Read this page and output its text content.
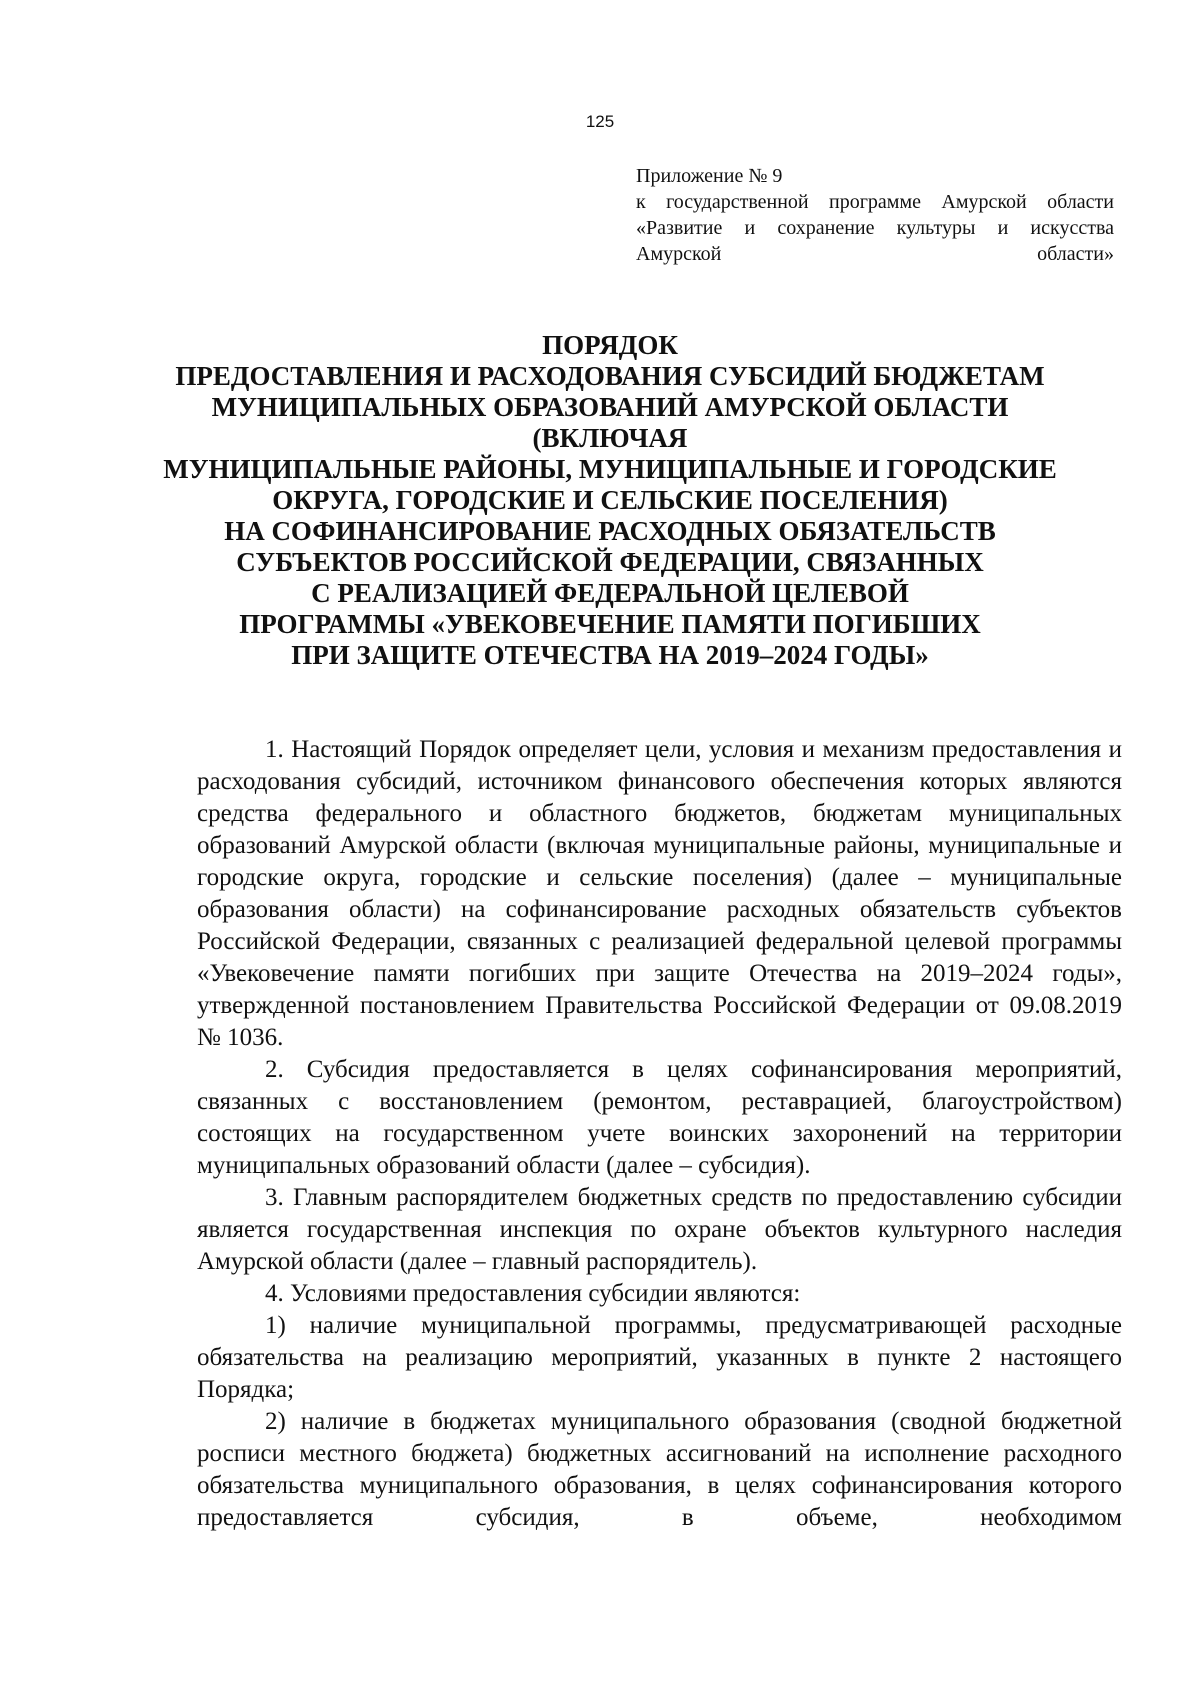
125
Приложение № 9
к государственной программе Амурской области «Развитие и сохранение культуры и искусства Амурской области»
ПОРЯДОК
ПРЕДОСТАВЛЕНИЯ И РАСХОДОВАНИЯ СУБСИДИЙ БЮДЖЕТАМ
МУНИЦИПАЛЬНЫХ ОБРАЗОВАНИЙ АМУРСКОЙ ОБЛАСТИ
(ВКЛЮЧАЯ
МУНИЦИПАЛЬНЫЕ РАЙОНЫ, МУНИЦИПАЛЬНЫЕ И ГОРОДСКИЕ
ОКРУГА, ГОРОДСКИЕ И СЕЛЬСКИЕ ПОСЕЛЕНИЯ)
НА СОФИНАНСИРОВАНИЕ РАСХОДНЫХ ОБЯЗАТЕЛЬСТВ
СУБЪЕКТОВ РОССИЙСКОЙ ФЕДЕРАЦИИ, СВЯЗАННЫХ
С РЕАЛИЗАЦИЕЙ ФЕДЕРАЛЬНОЙ ЦЕЛЕВОЙ
ПРОГРАММЫ «УВЕКОВЕЧЕНИЕ ПАМЯТИ ПОГИБШИХ
ПРИ ЗАЩИТЕ ОТЕЧЕСТВА НА 2019–2024 ГОДЫ»

1. Настоящий Порядок определяет цели, условия и механизм предоставления и расходования субсидий, источником финансового обеспечения которых являются средства федерального и областного бюджетов, бюджетам муниципальных образований Амурской области (включая муниципальные районы, муниципальные и городские округа, городские и сельские поселения) (далее – муниципальные образования области) на софинансирование расходных обязательств субъектов Российской Федерации, связанных с реализацией федеральной целевой программы «Увековечение памяти погибших при защите Отечества на 2019–2024 годы», утвержденной постановлением Правительства Российской Федерации от 09.08.2019 № 1036.

2. Субсидия предоставляется в целях софинансирования мероприятий, связанных с восстановлением (ремонтом, реставрацией, благоустройством) состоящих на государственном учете воинских захоронений на территории муниципальных образований области (далее – субсидия).

3. Главным распорядителем бюджетных средств по предоставлению субсидии является государственная инспекция по охране объектов культурного наследия Амурской области (далее – главный распорядитель).

4. Условиями предоставления субсидии являются:

1) наличие муниципальной программы, предусматривающей расходные обязательства на реализацию мероприятий, указанных в пункте 2 настоящего Порядка;

2) наличие в бюджетах муниципального образования (сводной бюджетной росписи местного бюджета) бюджетных ассигнований на исполнение расходного обязательства муниципального образования, в целях софинансирования которого предоставляется субсидия, в объеме, необходимом
